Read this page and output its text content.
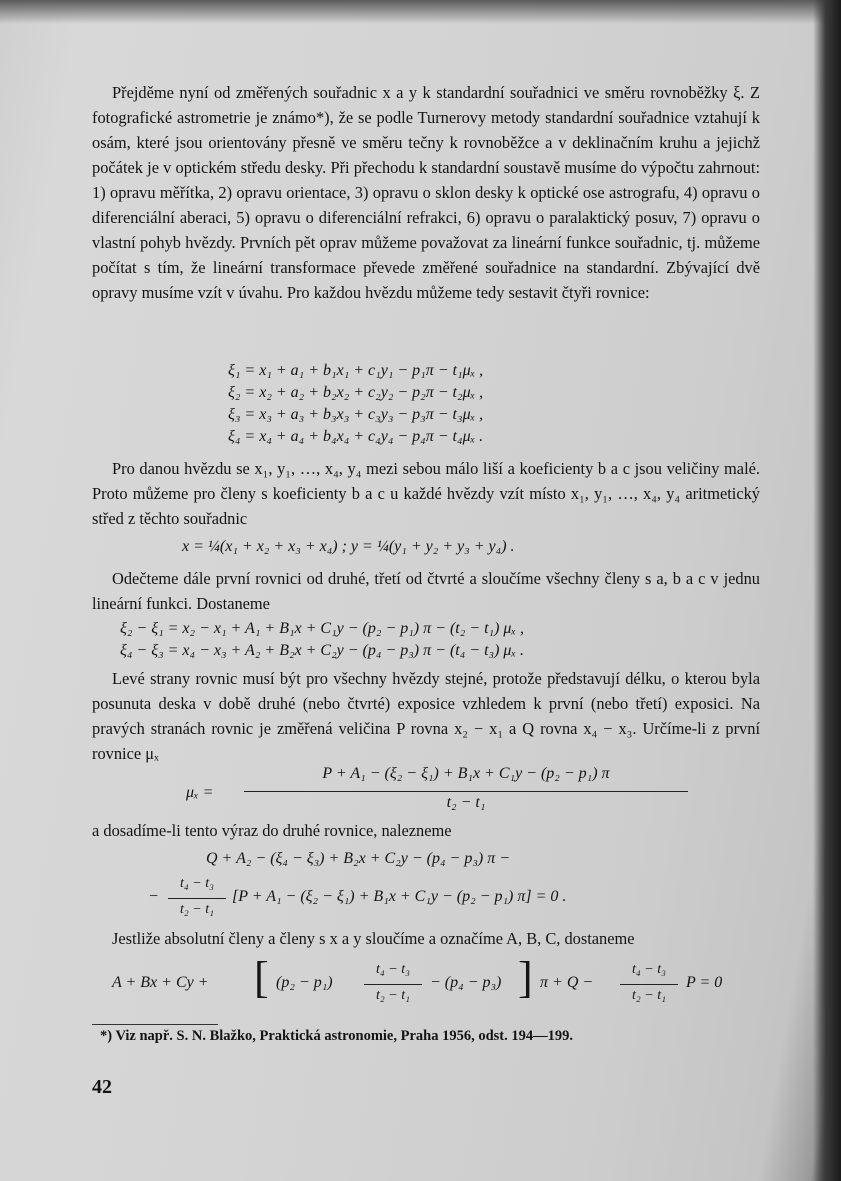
Přejděme nyní od změřených souřadnic x a y k standardní souřadnici ve směru rovnoběžky ξ. Z fotografické astrometrie je známo*), že se podle Turnerovy metody standardní souřadnice vztahují k osám, které jsou orientovány přesně ve směru tečny k rovnoběžce a v deklinačním kruhu a jejichž počátek je v optickém středu desky. Při přechodu k standardní soustavě musíme do výpočtu zahrnout: 1) opravu měřítka, 2) opravu orientace, 3) opravu o sklon desky k optické ose astrografu, 4) opravu o diferenciální aberaci, 5) opravu o diferenciální refrakci, 6) opravu o paralaktický posuv, 7) opravu o vlastní pohyb hvězdy. Prvních pět oprav můžeme považovat za lineární funkce souřadnic, tj. můžeme počítat s tím, že lineární transformace převede změřené souřadnice na standardní. Zbývající dvě opravy musíme vzít v úvahu. Pro každou hvězdu můžeme tedy sestavit čtyři rovnice:

ξ₁ = x₁ + a₁ + b₁x₁ + c₁y₁ − p₁π − t₁μₓ ,
ξ₂ = x₂ + a₂ + b₂x₂ + c₂y₂ − p₂π − t₂μₓ ,
ξ₃ = x₃ + a₃ + b₃x₃ + c₃y₃ − p₃π − t₃μₓ ,
ξ₄ = x₄ + a₄ + b₄x₄ + c₄y₄ − p₄π − t₄μₓ .

Pro danou hvězdu se x₁, y₁, …, x₄, y₄ mezi sebou málo liší a koeficienty b a c jsou veličiny malé. Proto můžeme pro členy s koeficienty b a c u každé hvězdy vzít místo x₁, y₁, …, x₄, y₄ aritmetický střed z těchto souřadnic

x = ¼(x₁ + x₂ + x₃ + x₄) ; y = ¼(y₁ + y₂ + y₃ + y₄) .

Odečteme dále první rovnici od druhé, třetí od čtvrté a sloučíme všechny členy s a, b a c v jednu lineární funkci. Dostaneme

ξ₂ − ξ₁ = x₂ − x₁ + A₁ + B₁x + C₁y − (p₂ − p₁) π − (t₂ − t₁) μₓ ,
ξ₄ − ξ₃ = x₄ − x₃ + A₂ + B₂x + C₂y − (p₄ − p₃) π − (t₄ − t₃) μₓ .

Levé strany rovnic musí být pro všechny hvězdy stejné, protože představují délku, o kterou byla posunuta deska v době druhé (nebo čtvrté) exposice vzhledem k první (nebo třetí) exposici. Na pravých stranách rovnic je změřená veličina P rovna x₂ − x₁ a Q rovna x₄ − x₃. Určíme-li z první rovnice μₓ

μₓ =
P + A₁ − (ξ₂ − ξ₁) + B₁x + C₁y − (p₂ − p₁) π
t₂ − t₁

a dosadíme-li tento výraz do druhé rovnice, nalezneme

Q + A₂ − (ξ₄ − ξ₃) + B₂x + C₂y − (p₄ − p₃) π −
−
t₄ − t₃
t₂ − t₁
[P + A₁ − (ξ₂ − ξ₁) + B₁x + C₁y − (p₂ − p₁) π] = 0 .

Jestliže absolutní členy a členy s x a y sloučíme a označíme A, B, C, dostaneme

A + Bx + Cy + [ (p₂ − p₁)
t₄ − t₃
t₂ − t₁
− (p₄ − p₃) ] π + Q −
t₄ − t₃
t₂ − t₁
P = 0
*) Viz např. S. N. Blažko, Praktická astronomie, Praha 1956, odst. 194—199.
42
